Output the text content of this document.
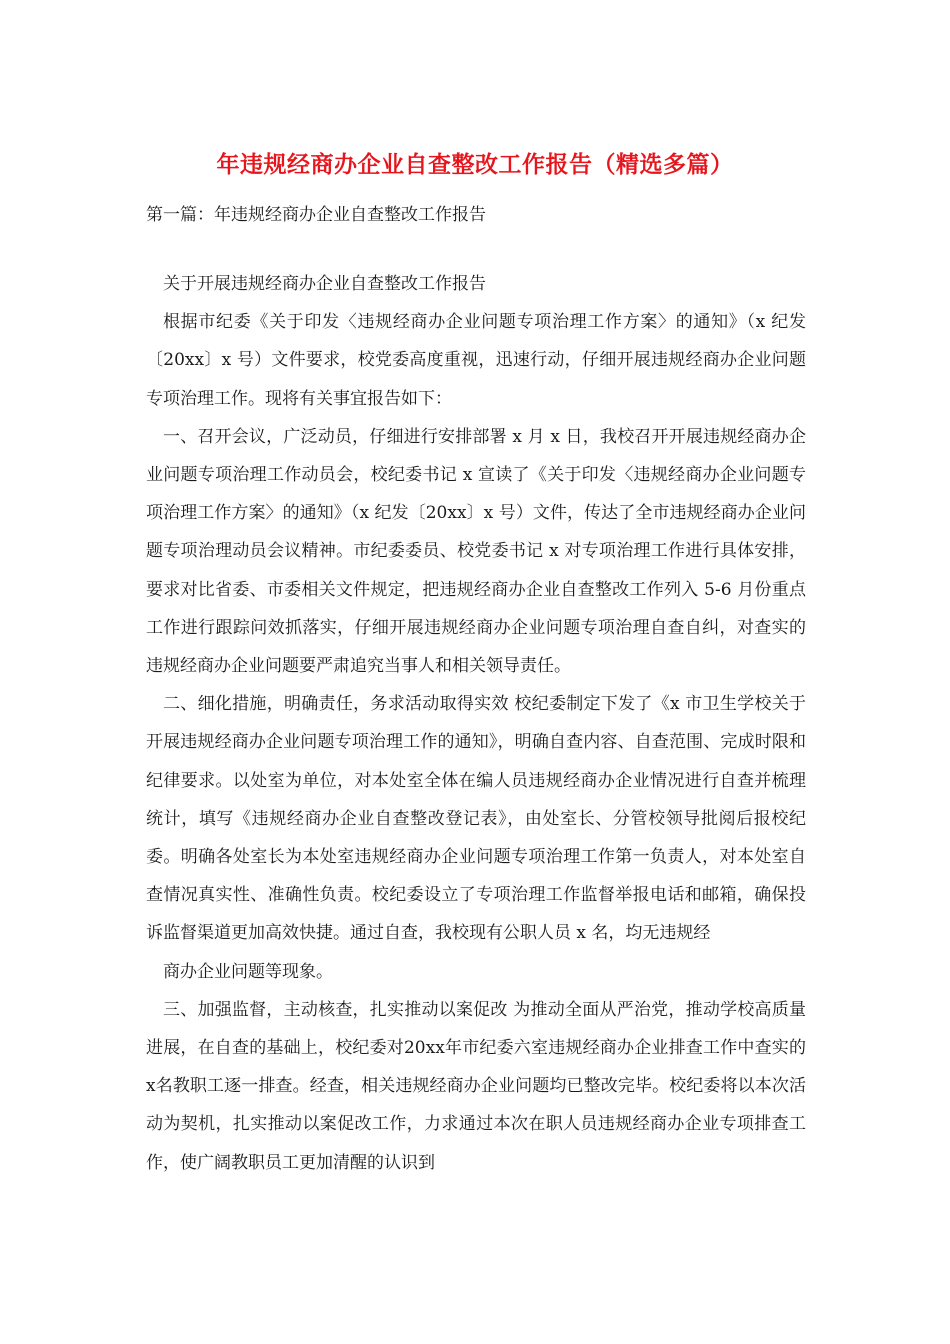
年违规经商办企业自查整改工作报告（精选多篇）
第一篇：年违规经商办企业自查整改工作报告

关于开展违规经商办企业自查整改工作报告

根据市纪委《关于印发〈违规经商办企业问题专项治理工作方案〉的通知》（x 纪发〔20xx〕x 号）文件要求，校党委高度重视，迅速行动，仔细开展违规经商办企业问题专项治理工作。现将有关事宜报告如下：

一、召开会议，广泛动员，仔细进行安排部署 x 月 x 日，我校召开开展违规经商办企业问题专项治理工作动员会，校纪委书记 x 宣读了《关于印发〈违规经商办企业问题专项治理工作方案〉的通知》（x 纪发〔20xx〕x 号）文件，传达了全市违规经商办企业问题专项治理动员会议精神。市纪委委员、校党委书记 x 对专项治理工作进行具体安排，要求对比省委、市委相关文件规定，把违规经商办企业自查整改工作列入 5-6 月份重点工作进行跟踪问效抓落实，仔细开展违规经商办企业问题专项治理自查自纠，对查实的违规经商办企业问题要严肃追究当事人和相关领导责任。

二、细化措施，明确责任，务求活动取得实效 校纪委制定下发了《x 市卫生学校关于开展违规经商办企业问题专项治理工作的通知》，明确自查内容、自查范围、完成时限和纪律要求。以处室为单位，对本处室全体在编人员违规经商办企业情况进行自查并梳理统计，填写《违规经商办企业自查整改登记表》，由处室长、分管校领导批阅后报校纪委。明确各处室长为本处室违规经商办企业问题专项治理工作第一负责人，对本处室自查情况真实性、准确性负责。校纪委设立了专项治理工作监督举报电话和邮箱，确保投诉监督渠道更加高效快捷。通过自查，我校现有公职人员 x 名，均无违规经

商办企业问题等现象。

三、加强监督，主动核查，扎实推动以案促改 为推动全面从严治党，推动学校高质量进展，在自查的基础上，校纪委对20xx年市纪委六室违规经商办企业排查工作中查实的x名教职工逐一排查。经查，相关违规经商办企业问题均已整改完毕。校纪委将以本次活动为契机，扎实推动以案促改工作，力求通过本次在职人员违规经商办企业专项排查工作，使广阔教职员工更加清醒的认识到
